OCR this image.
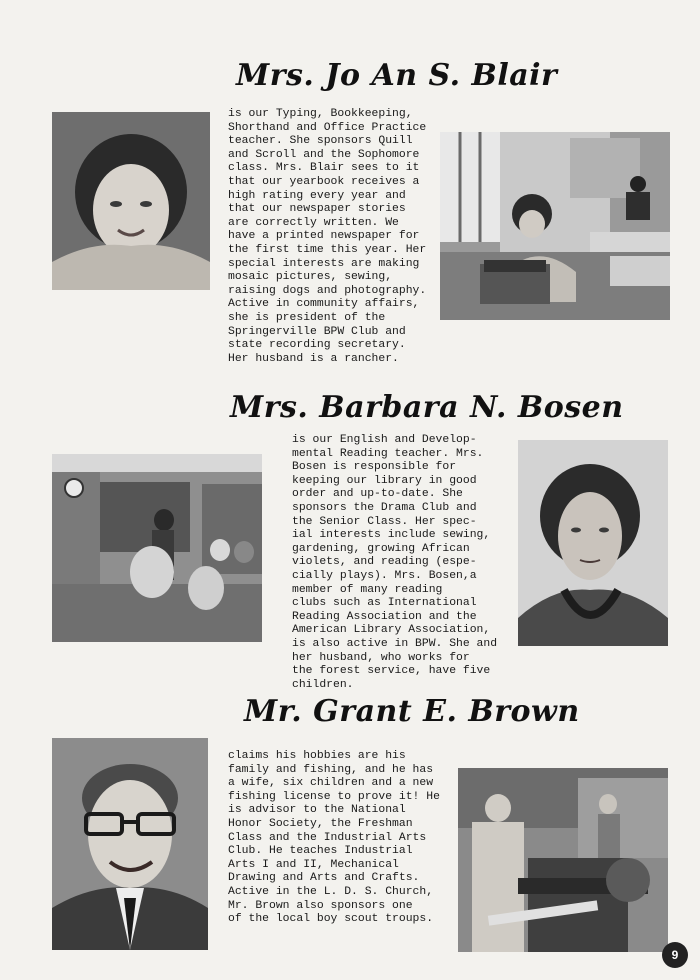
Mrs. Jo An S. Blair

is our Typing, Bookkeeping,
Shorthand and Office Practice
teacher. She sponsors Quill
and Scroll and the Sophomore
class. Mrs. Blair sees to it
that our yearbook receives a
high rating every year and
that our newspaper stories
are correctly written. We
have a printed newspaper for
the first time this year. Her
special interests are making
mosaic pictures, sewing,
raising dogs and photography.
Active in community affairs,
she is president of the
Springerville BPW Club and
state recording secretary.
Her husband is a rancher.

Mrs. Barbara N. Bosen

is our English and Develop-
mental Reading teacher. Mrs.
Bosen is responsible for
keeping our library in good
order and up-to-date. She
sponsors the Drama Club and
the Senior Class. Her spec-
ial interests include sewing,
gardening, growing African
violets, and reading (espe-
cially plays). Mrs. Bosen,a
member of many reading
clubs such as International
Reading Association and the
American Library Association,
is also active in BPW. She and
her husband, who works for
the forest service, have five
children.

Mr. Grant E. Brown

claims his hobbies are his
family and fishing, and he has
a wife, six children and a new
fishing license to prove it! He
is advisor to the National
Honor Society, the Freshman
Class and the Industrial Arts
Club. He teaches Industrial
Arts I and II, Mechanical
Drawing and Arts and Crafts.
Active in the L. D. S. Church,
Mr. Brown also sponsors one
of the local boy scout troups.

9
